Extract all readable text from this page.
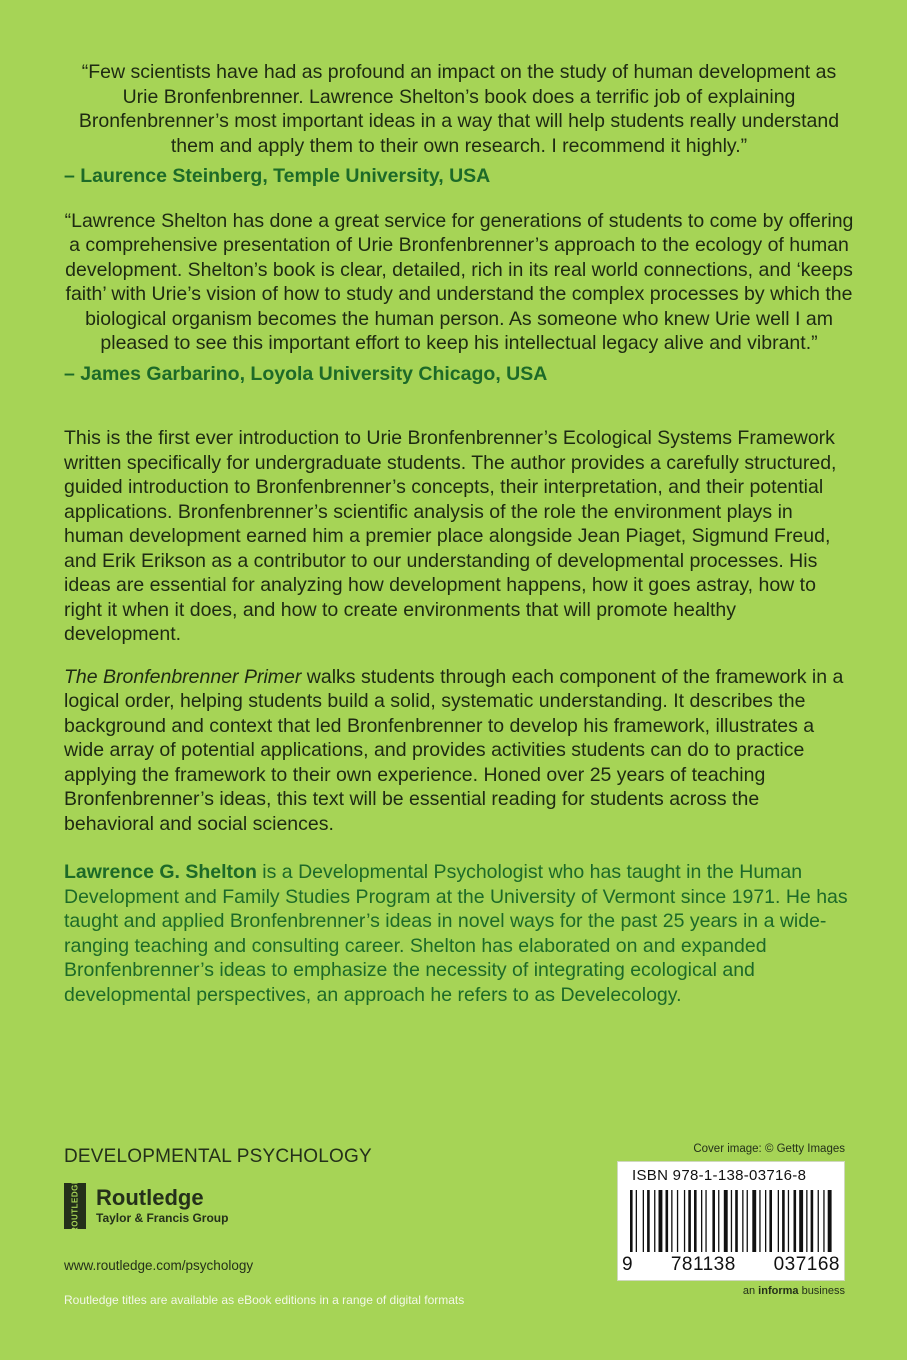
“Few scientists have had as profound an impact on the study of human development as Urie Bronfenbrenner. Lawrence Shelton’s book does a terrific job of explaining Bronfenbrenner’s most important ideas in a way that will help students really understand them and apply them to their own research. I recommend it highly.”

– Laurence Steinberg, Temple University, USA

“Lawrence Shelton has done a great service for generations of students to come by offering a comprehensive presentation of Urie Bronfenbrenner’s approach to the ecology of human development. Shelton’s book is clear, detailed, rich in its real world connections, and ‘keeps faith’ with Urie’s vision of how to study and understand the complex processes by which the biological organism becomes the human person. As someone who knew Urie well I am pleased to see this important effort to keep his intellectual legacy alive and vibrant.”

– James Garbarino, Loyola University Chicago, USA

This is the first ever introduction to Urie Bronfenbrenner’s Ecological Systems Framework written specifically for undergraduate students. The author provides a carefully structured, guided introduction to Bronfenbrenner’s concepts, their interpretation, and their potential applications. Bronfenbrenner’s scientific analysis of the role the environment plays in human development earned him a premier place alongside Jean Piaget, Sigmund Freud, and Erik Erikson as a contributor to our understanding of developmental processes. His ideas are essential for analyzing how development happens, how it goes astray, how to right it when it does, and how to create environments that will promote healthy development.

The Bronfenbrenner Primer walks students through each component of the framework in a logical order, helping students build a solid, systematic understanding. It describes the background and context that led Bronfenbrenner to develop his framework, illustrates a wide array of potential applications, and provides activities students can do to practice applying the framework to their own experience. Honed over 25 years of teaching Bronfenbrenner’s ideas, this text will be essential reading for students across the behavioral and social sciences.

Lawrence G. Shelton is a Developmental Psychologist who has taught in the Human Development and Family Studies Program at the University of Vermont since 1971. He has taught and applied Bronfenbrenner’s ideas in novel ways for the past 25 years in a wide-ranging teaching and consulting career. Shelton has elaborated on and expanded Bronfenbrenner’s ideas to emphasize the necessity of integrating ecological and developmental perspectives, an approach he refers to as Develecology.

DEVELOPMENTAL PSYCHOLOGY
ROUTLEDGE Routledge
Taylor & Francis Group
www.routledge.com/psychology
Routledge titles are available as eBook editions in a range of digital formats
Cover image: © Getty Images
ISBN 978-1-138-03716-8
9 781138 037168
an informa business
